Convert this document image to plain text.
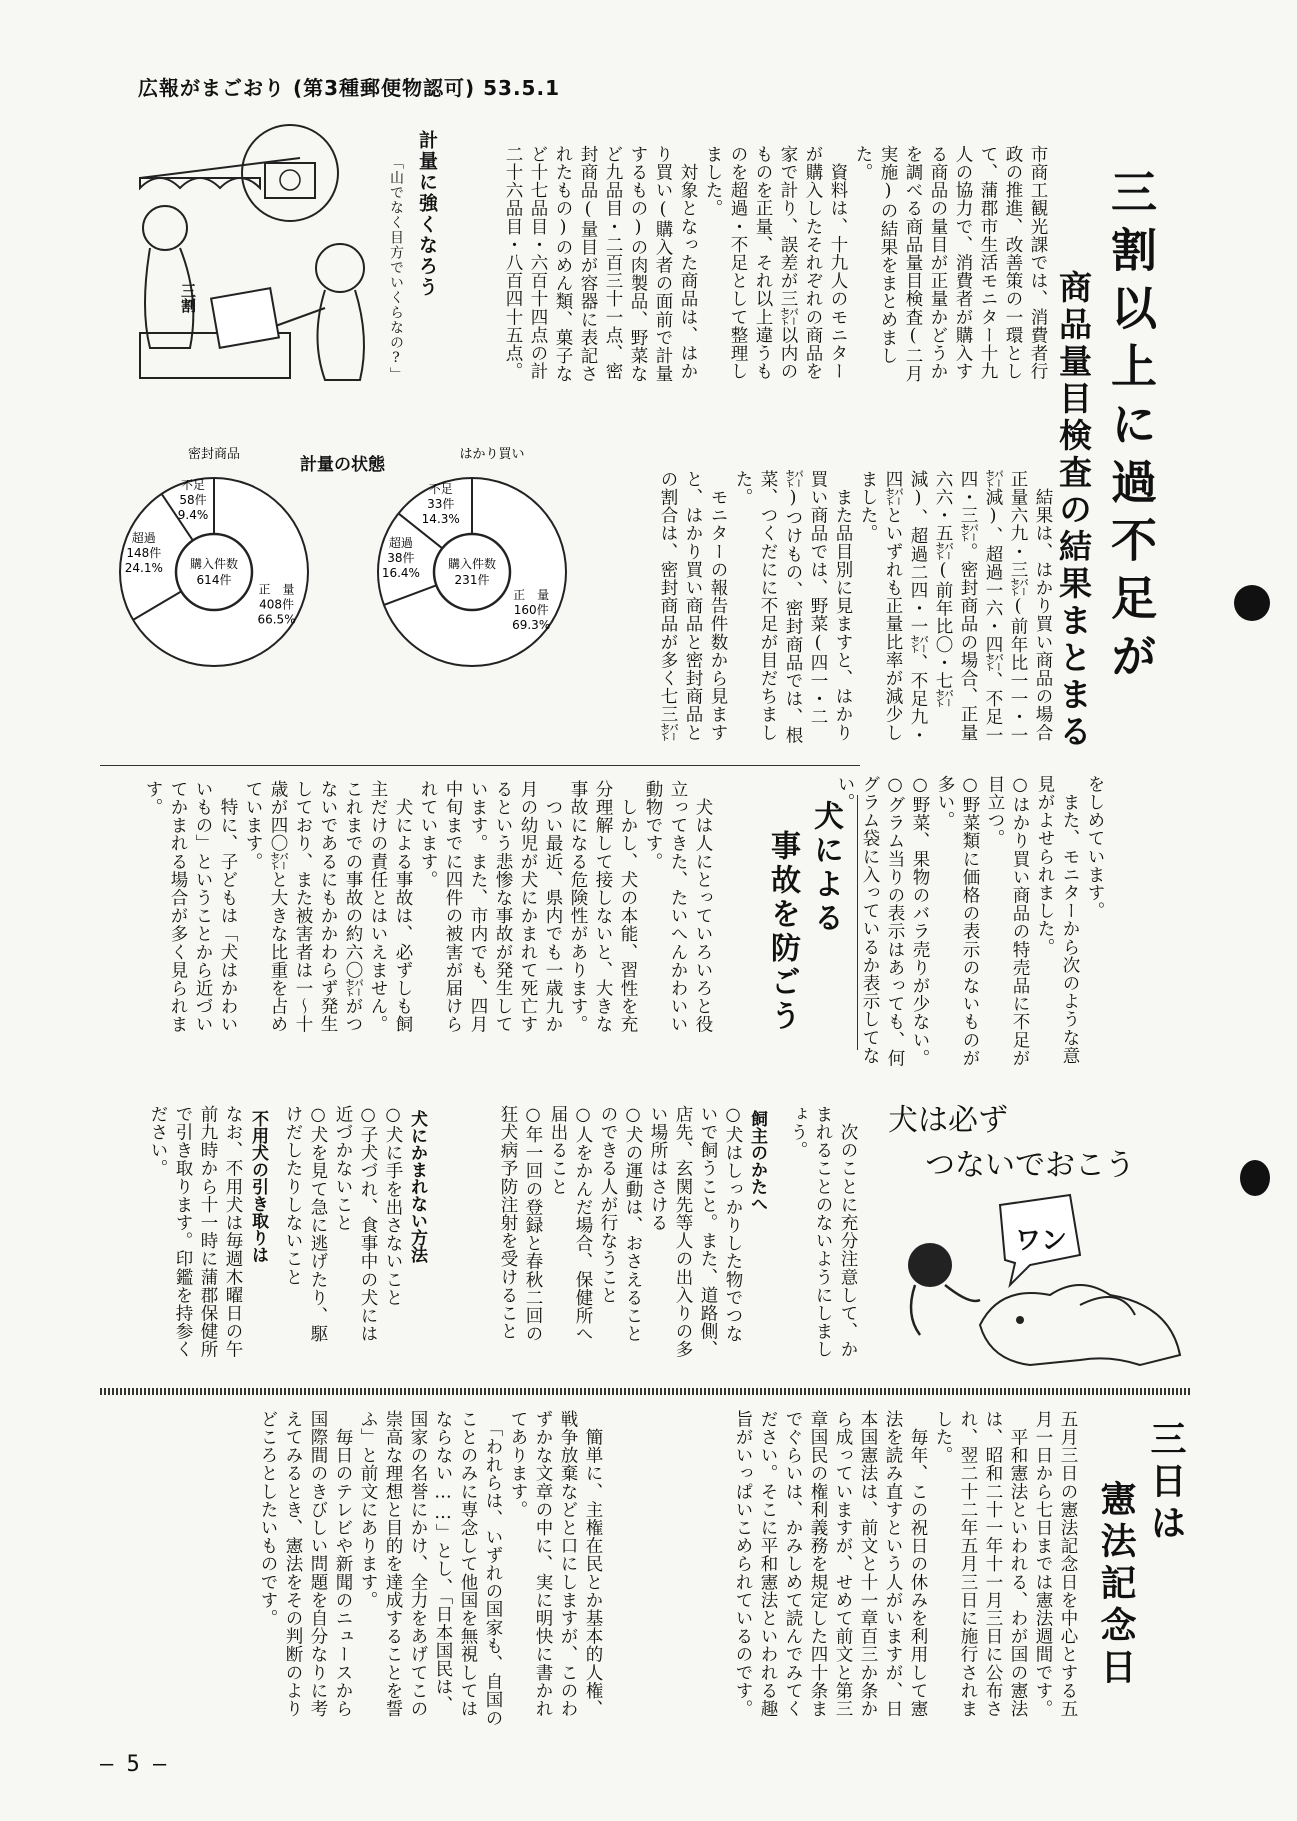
広報がまごおり (第3種郵便物認可) 53.5.1
三割以上に過不足が
商品量目検査の結果まとまる
市商工観光課では、消費者行政の推進、改善策の一環として、蒲郡市生活モニター十九人の協力で、消費者が購入する商品の量目が正量かどうかを調べる商品量目検査(二月実施)の結果をまとめました。
　資料は、十九人のモニターが購入したそれぞれの商品を家で計り、誤差が三㌫以内のものを正量、それ以上違うものを超過・不足として整理しました。
　対象となった商品は、はかり買い(購入者の面前で計量するもの)の肉製品、野菜など九品目・二百三十一点、密封商品(量目が容器に表記されたもの)のめん類、菓子など十七品目・六百十四点の計二十六品目・八百四十五点。
　結果は、はかり買い商品の場合正量六九・三㌫(前年比一一・一㌫減)、超過一六・四㌫、不足一四・三㌫。密封商品の場合、正量六六・五㌫(前年比〇・七㌫減)、超過二四・一㌫、不足九・四㌫といずれも正量比率が減少しました。
　また品目別に見ますと、はかり買い商品では、野菜(四一・二㌫)つけもの、密封商品では、根菜、つくだにに不足が目だちました。
　モニターの報告件数から見ますと、はかり買い商品と密封商品との割合は、密封商品が多く七三㌫
をしめています。
　また、モニターから次のような意見がよせられました。
○はかり買い商品の特売品に不足が目立つ。
○野菜類に価格の表示のないものが多い。
○野菜、果物のバラ売りが少ない。
○グラム当りの表示はあっても、何グラム袋に入っているか表示してない。
三割	計量に強くなろう
「山でなく目方でいくらなの?」
計量の状態
密封商品
正　量
408件
66.5%
超過
148件
24.1%
不足
58件
9.4%
購入件数
614件
はかり買い
正　量
160件
69.3%
超過
38件
16.4%
不足
33件
14.3%
購入件数
231件
犬による
事故を防ごう
　犬は人にとっていろいろと役立ってきた、たいへんかわいい動物です。
　しかし、犬の本能、習性を充分理解して接しないと、大きな事故になる危険性があります。
　つい最近、県内でも一歳九か月の幼児が犬にかまれて死亡するという悲惨な事故が発生しています。また、市内でも、四月中旬までに四件の被害が届けられています。
　犬による事故は、必ずしも飼主だけの責任とはいえません。これまでの事故の約六〇㌫がつないであるにもかかわらず発生しており、また被害者は一～十歳が四〇㌫と大きな比重を占めています。
　特に、子どもは「犬はかわいいもの」ということから近づいてかまれる場合が多く見られます。
　次のことに充分注意して、かまれることのないようにしましょう。
飼主のかたへ
○犬はしっかりした物でつないで飼うこと。また、道路側、店先、玄関先等人の出入りの多い場所はさける
○犬の運動は、おさえることのできる人が行なうこと
○人をかんだ場合、保健所へ届出ること
○年一回の登録と春秋二回の狂犬病予防注射を受けること
犬にかまれない方法
○犬に手を出さないこと
○子犬づれ、食事中の犬には近づかないこと
○犬を見て急に逃げたり、駆けだしたりしないこと
不用犬の引き取りは
なお、不用犬は毎週木曜日の午前九時から十一時に蒲郡保健所で引き取ります。印鑑を持参ください。	犬は必ず
つないでおこう
ワン
三日は
憲法記念日
五月三日の憲法記念日を中心とする五月一日から七日までは憲法週間です。
　平和憲法といわれる、わが国の憲法は、昭和二十一年十一月三日に公布され、翌二十二年五月三日に施行されました。
　毎年、この祝日の休みを利用して憲法を読み直すという人がいますが、日本国憲法は、前文と十一章百三か条から成っていますが、せめて前文と第三章国民の権利義務を規定した四十条までぐらいは、かみしめて読んでみてください。そこに平和憲法といわれる趣旨がいっぱいこめられているのです。
　簡単に、主権在民とか基本的人権、戦争放棄などと口にしますが、このわずかな文章の中に、実に明快に書かれてあります。
　「われらは、いずれの国家も、自国のことのみに専念して他国を無視してはならない……」とし、「日本国民は、国家の名誉にかけ、全力をあげてこの崇高な理想と目的を達成することを誓ふ」と前文にあります。
　毎日のテレビや新聞のニュースから国際間のきびしい問題を自分なりに考えてみるとき、憲法をその判断のよりどころとしたいものです。
— 5 —
